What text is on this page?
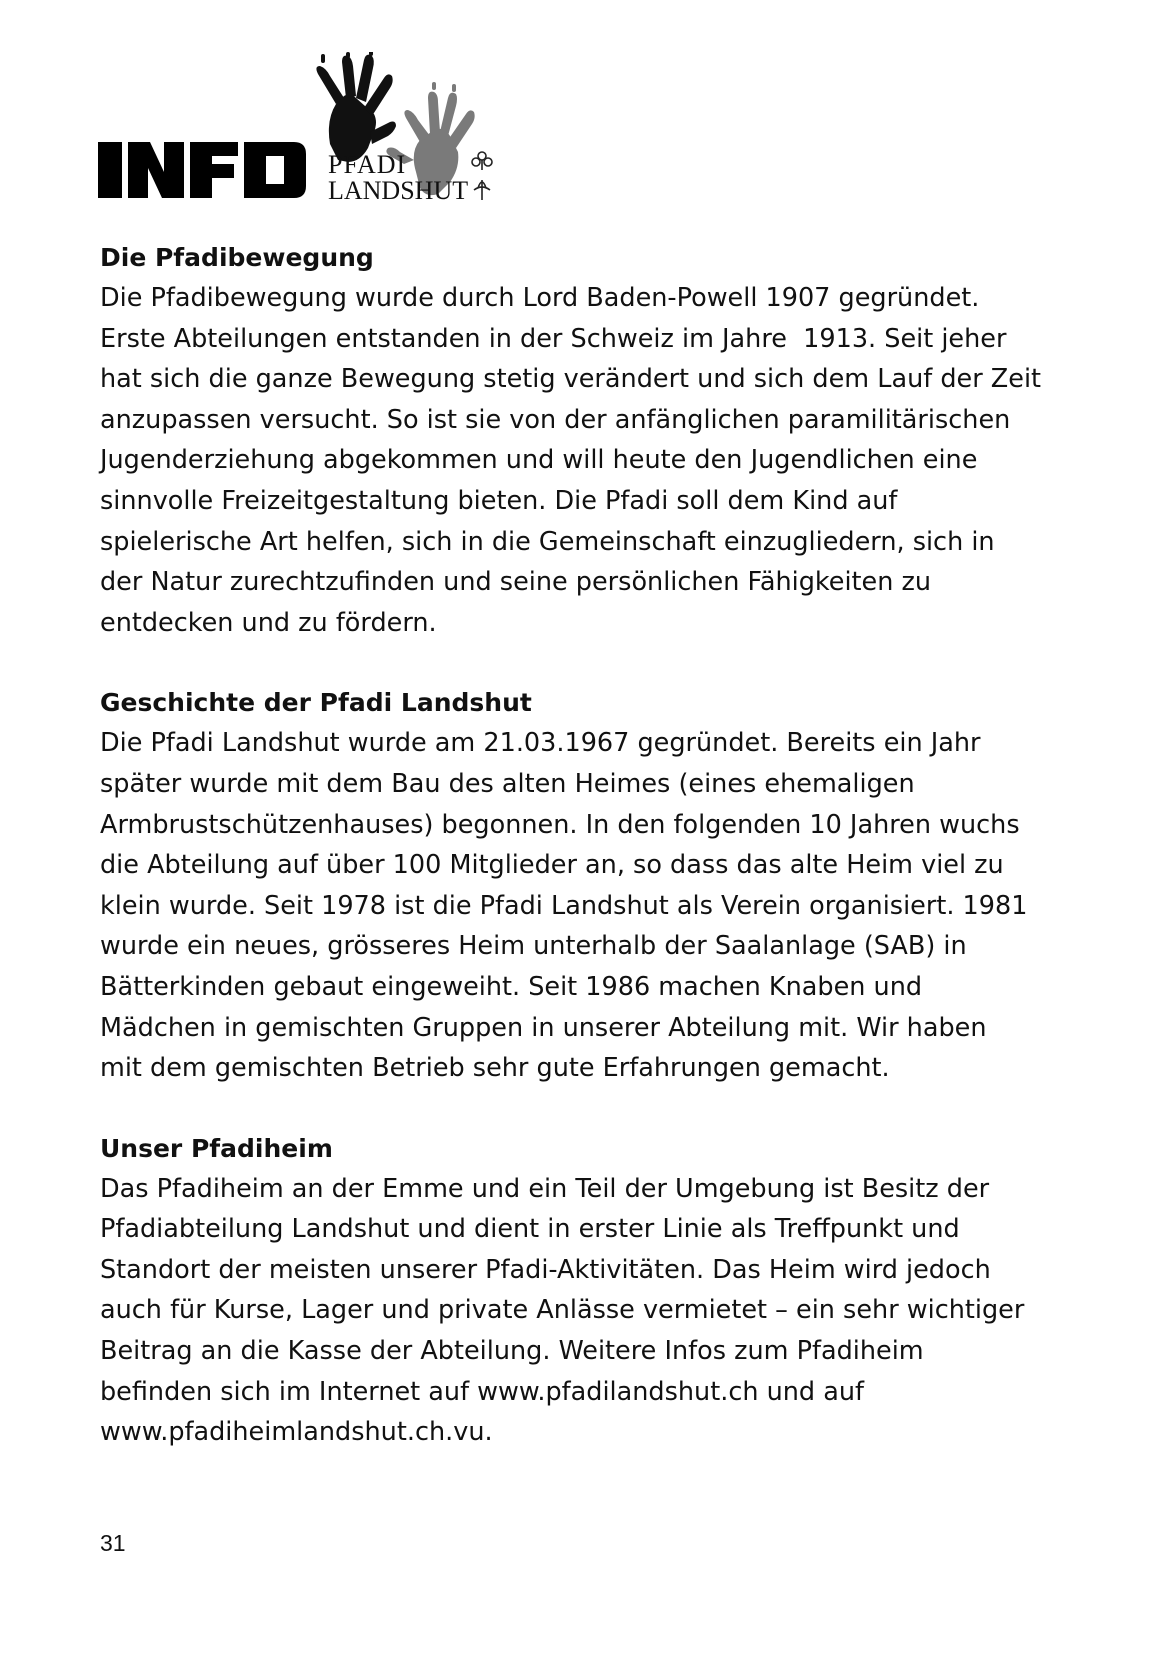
PFADI
LANDSHUT
Die Pfadibewegung

Die Pfadibewegung wurde durch Lord Baden-Powell 1907 gegründet.
Erste Abteilungen entstanden in der Schweiz im Jahre  1913. Seit jeher
hat sich die ganze Bewegung stetig verändert und sich dem Lauf der Zeit
anzupassen versucht. So ist sie von der anfänglichen paramilitärischen
Jugenderziehung abgekommen und will heute den Jugendlichen eine
sinnvolle Freizeitgestaltung bieten. Die Pfadi soll dem Kind auf
spielerische Art helfen, sich in die Gemeinschaft einzugliedern, sich in
der Natur zurechtzufinden und seine persönlichen Fähigkeiten zu
entdecken und zu fördern.

Geschichte der Pfadi Landshut

Die Pfadi Landshut wurde am 21.03.1967 gegründet. Bereits ein Jahr
später wurde mit dem Bau des alten Heimes (eines ehemaligen
Armbrustschützenhauses) begonnen. In den folgenden 10 Jahren wuchs
die Abteilung auf über 100 Mitglieder an, so dass das alte Heim viel zu
klein wurde. Seit 1978 ist die Pfadi Landshut als Verein organisiert. 1981
wurde ein neues, grösseres Heim unterhalb der Saalanlage (SAB) in
Bätterkinden gebaut eingeweiht. Seit 1986 machen Knaben und
Mädchen in gemischten Gruppen in unserer Abteilung mit. Wir haben
mit dem gemischten Betrieb sehr gute Erfahrungen gemacht.

Unser Pfadiheim

Das Pfadiheim an der Emme und ein Teil der Umgebung ist Besitz der
Pfadiabteilung Landshut und dient in erster Linie als Treffpunkt und
Standort der meisten unserer Pfadi-Aktivitäten. Das Heim wird jedoch
auch für Kurse, Lager und private Anlässe vermietet – ein sehr wichtiger
Beitrag an die Kasse der Abteilung. Weitere Infos zum Pfadiheim
befinden sich im Internet auf www.pfadilandshut.ch und auf
www.pfadiheimlandshut.ch.vu.

31
